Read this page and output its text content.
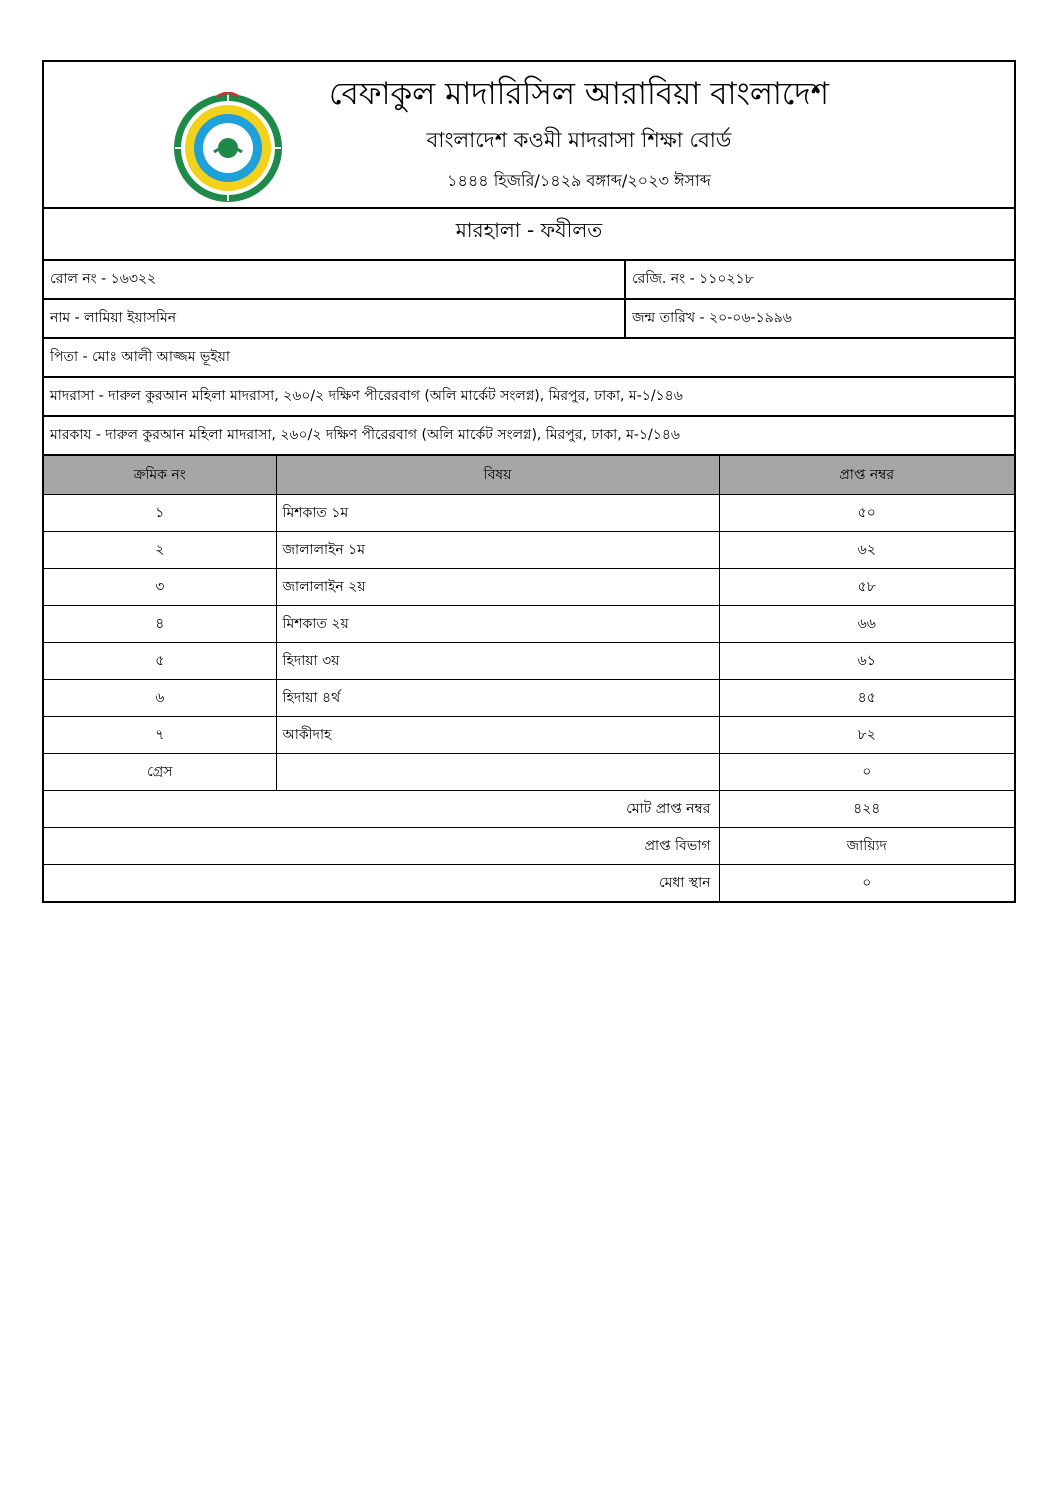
বেফাকুল মাদারিসিল আরাবিয়া বাংলাদেশ
বাংলাদেশ কওমী মাদরাসা শিক্ষা বোর্ড
১৪৪৪ হিজরি/১৪২৯ বঙ্গাব্দ/২০২৩ ঈসাব্দ
মারহালা - ফযীলত
রোল নং - ১৬৩২২	রেজি. নং - ১১০২১৮
নাম - লামিয়া ইয়াসমিন	জন্ম তারিখ - ২০-০৬-১৯৯৬
পিতা - মোঃ আলী আজ্জম ভূইয়া
মাদরাসা - দারুল কুরআন মহিলা মাদরাসা, ২৬০/২ দক্ষিণ পীরেরবাগ (অলি মার্কেট সংলগ্ন), মিরপুর, ঢাকা, ম-১/১৪৬
মারকায - দারুল কুরআন মহিলা মাদরাসা, ২৬০/২ দক্ষিণ পীরেরবাগ (অলি মার্কেট সংলগ্ন), মিরপুর, ঢাকা, ম-১/১৪৬
ক্রমিক নং	বিষয়	প্রাপ্ত নম্বর
১	মিশকাত ১ম	৫০
২	জালালাইন ১ম	৬২
৩	জালালাইন ২য়	৫৮
৪	মিশকাত ২য়	৬৬
৫	হিদায়া ৩য়	৬১
৬	হিদায়া ৪র্থ	৪৫
৭	আকীদাহ	৮২
গ্রেস		০
মোট প্রাপ্ত নম্বর		৪২৪
প্রাপ্ত বিভাগ		জায়্যিদ
মেধা স্থান		০
